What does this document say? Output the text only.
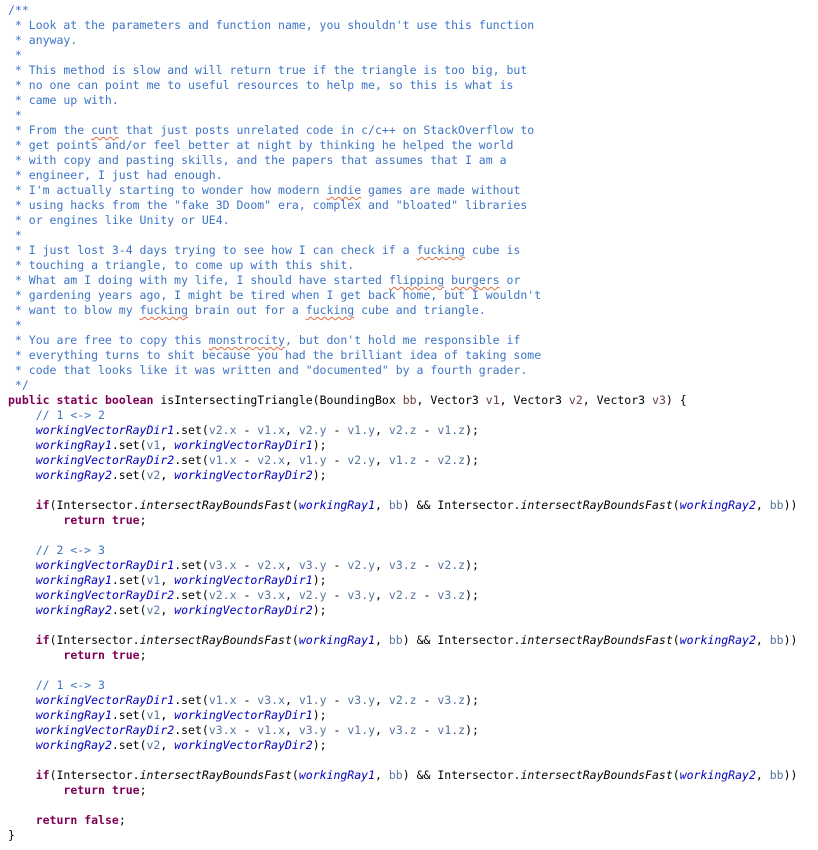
/**
* Look at the parameters and function name, you shouldn't use this function
* anyway.
*
* This method is slow and will return true if the triangle is too big, but
* no one can point me to useful resources to help me, so this is what is
* came up with.
*
* From the cunt that just posts unrelated code in c/c++ on StackOverflow to
* get points and/or feel better at night by thinking he helped the world
* with copy and pasting skills, and the papers that assumes that I am a
* engineer, I just had enough.
* I'm actually starting to wonder how modern indie games are made without
* using hacks from the "fake 3D Doom" era, complex and "bloated" libraries
* or engines like Unity or UE4.
*
* I just lost 3-4 days trying to see how I can check if a fucking cube is
* touching a triangle, to come up with this shit.
* What am I doing with my life, I should have started flipping burgers or
* gardening years ago, I might be tired when I get back home, but I wouldn't
* want to blow my fucking brain out for a fucking cube and triangle.
*
* You are free to copy this monstrocity, but don't hold me responsible if
* everything turns to shit because you had the brilliant idea of taking some
* code that looks like it was written and "documented" by a fourth grader.
*/
public static boolean isIntersectingTriangle(BoundingBox bb, Vector3 v1, Vector3 v2, Vector3 v3) {
// 1 <-> 2
workingVectorRayDir1.set(v2.x - v1.x, v2.y - v1.y, v2.z - v1.z);
workingRay1.set(v1, workingVectorRayDir1);
workingVectorRayDir2.set(v1.x - v2.x, v1.y - v2.y, v1.z - v2.z);
workingRay2.set(v2, workingVectorRayDir2);
if(Intersector.intersectRayBoundsFast(workingRay1, bb) && Intersector.intersectRayBoundsFast(workingRay2, bb))
return true;
// 2 <-> 3
workingVectorRayDir1.set(v3.x - v2.x, v3.y - v2.y, v3.z - v2.z);
workingRay1.set(v1, workingVectorRayDir1);
workingVectorRayDir2.set(v2.x - v3.x, v2.y - v3.y, v2.z - v3.z);
workingRay2.set(v2, workingVectorRayDir2);
if(Intersector.intersectRayBoundsFast(workingRay1, bb) && Intersector.intersectRayBoundsFast(workingRay2, bb))
return true;
// 1 <-> 3
workingVectorRayDir1.set(v1.x - v3.x, v1.y - v3.y, v2.z - v3.z);
workingRay1.set(v1, workingVectorRayDir1);
workingVectorRayDir2.set(v3.x - v1.x, v3.y - v1.y, v3.z - v1.z);
workingRay2.set(v2, workingVectorRayDir2);
if(Intersector.intersectRayBoundsFast(workingRay1, bb) && Intersector.intersectRayBoundsFast(workingRay2, bb))
return true;
return false;
}
